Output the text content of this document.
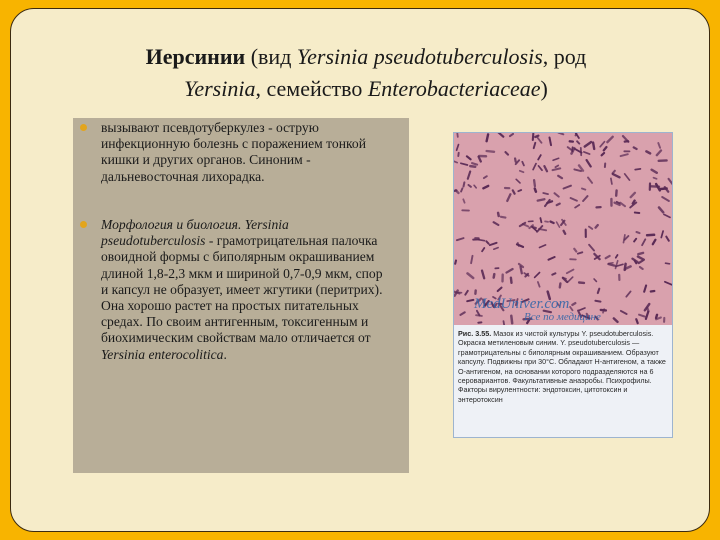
Иерсинии (вид Yersinia pseudotuberculosis, род
Yersinia, семейство Enterobacteriaceae)
вызывают псевдотуберкулез - острую инфекционную болезнь с поражением тонкой кишки и других органов. Синоним - дальневосточная лихорадка.
Морфология и биология. Yersinia pseudotuberculosis - грамотрицательная палочка овоидной формы с биполярным окрашиванием длиной 1,8-2,3 мкм и шириной 0,7-0,9 мкм, спор и капсул не образует, имеет жгутики (перитрих). Она хорошо растет на простых питательных средах. По своим антигенным, токсигенным и биохимическим свойствам мало отличается от Yersinia enterocolitica.
MedUniver.com
Все по медицине
Рис. 3.55. Мазок из чистой культуры Y. pseudotuberculosis. Окраска метиленовым синим. Y. pseudotuberculosis — грамотрицательны с биполярным окрашиванием. Образуют капсулу. Подвижны при 30°C. Обладают Н-антигеном, а также О-антигеном, на основании которого подразделяются на 6 серовариантов. Факультативные анаэробы. Психрофилы. Факторы вирулентности: эндотоксин, цитотоксин и энтеротоксин
